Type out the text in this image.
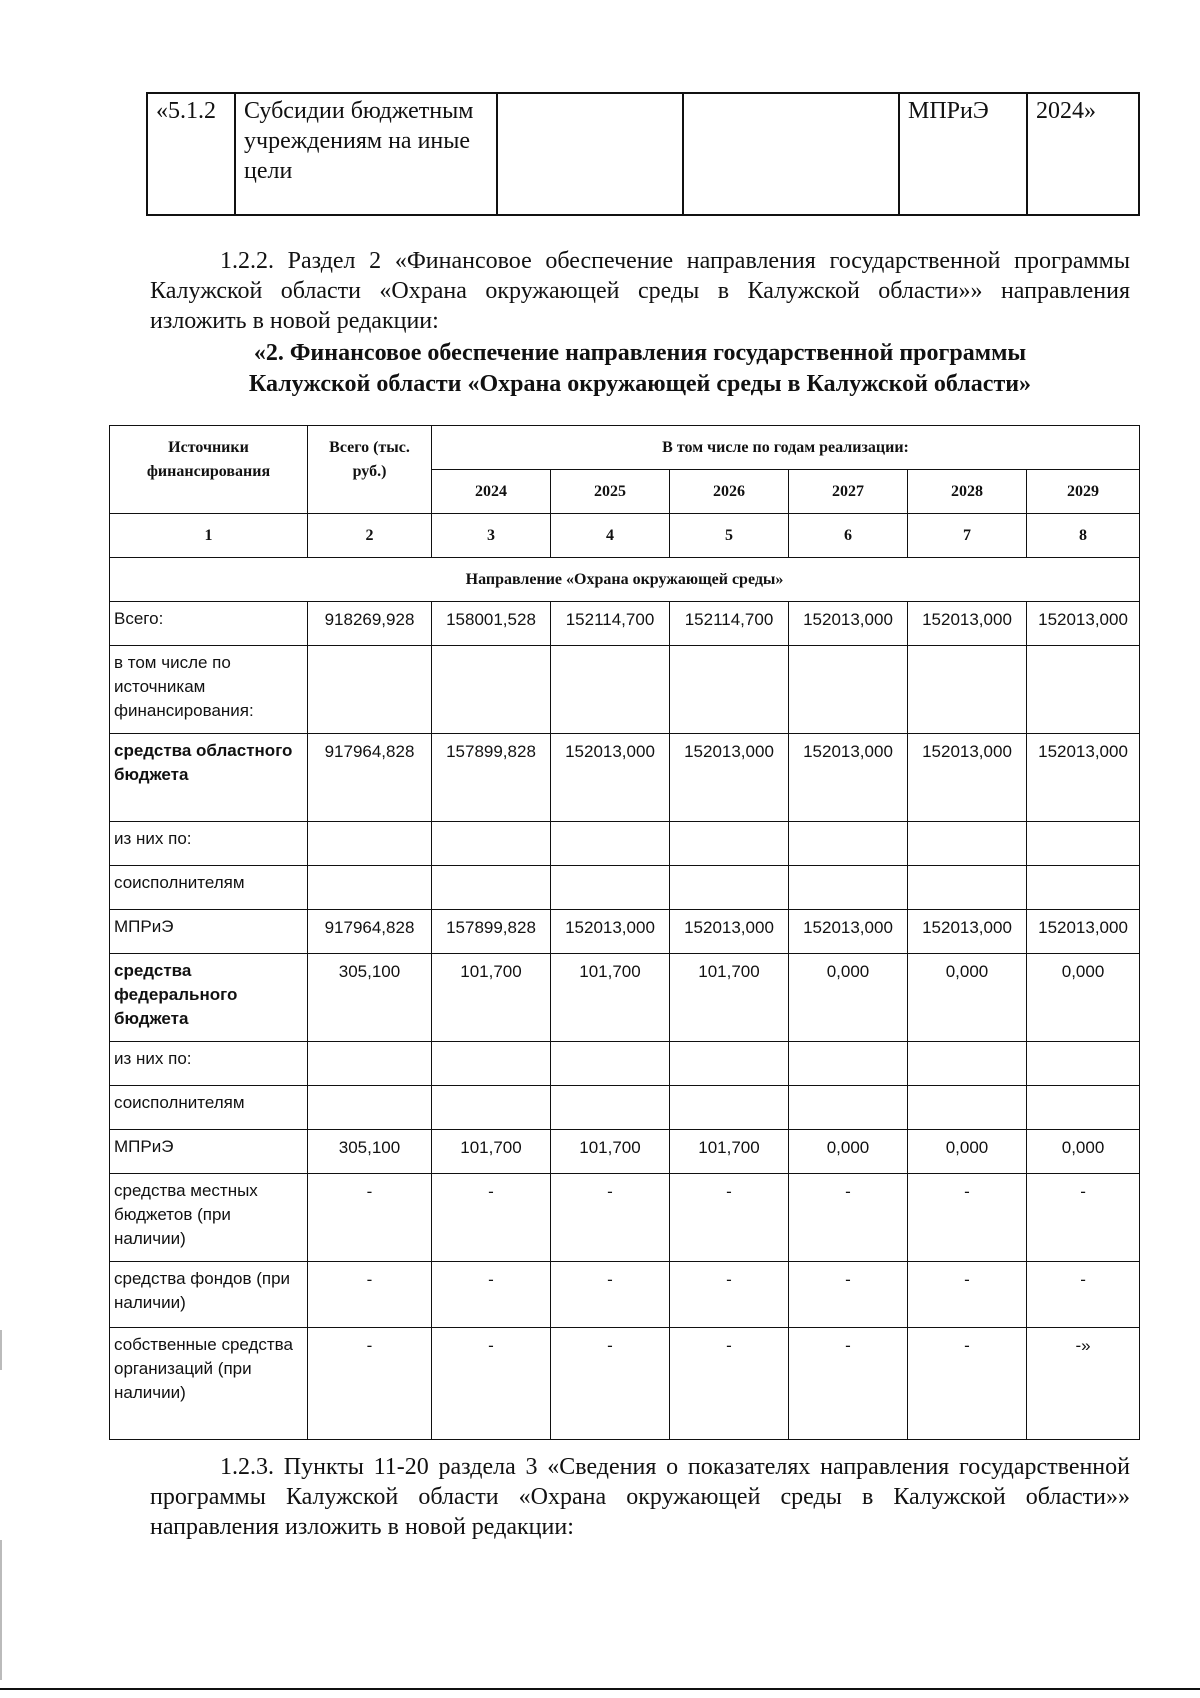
«5.1.2	Субсидии бюджетным учреждениям на иные цели			МПРиЭ	2024»
1.2.2. Раздел 2 «Финансовое обеспечение направления государственной программы Калужской области «Охрана окружающей среды в Калужской области»» направления изложить в новой редакции:
«2. Финансовое обеспечение направления государственной программы
Калужской области «Охрана окружающей среды в Калужской области»
Источники финансирования	Всего (тыс. руб.)	В том числе по годам реализации:					
		2024	2025	2026	2027	2028	2029
1	2	3	4	5	6	7	8
Направление «Охрана окружающей среды»							
Всего:	918269,928	158001,528	152114,700	152114,700	152013,000	152013,000	152013,000
в том числе по источникам финансирования:							
средства областного бюджета	917964,828	157899,828	152013,000	152013,000	152013,000	152013,000	152013,000
из них по:							
соисполнителям							
МПРиЭ	917964,828	157899,828	152013,000	152013,000	152013,000	152013,000	152013,000
средства федерального бюджета	305,100	101,700	101,700	101,700	0,000	0,000	0,000
из них по:							
соисполнителям							
МПРиЭ	305,100	101,700	101,700	101,700	0,000	0,000	0,000
средства местных бюджетов (при наличии)	-	-	-	-	-	-	-
средства фондов (при наличии)	-	-	-	-	-	-	-
собственные средства организаций (при наличии)	-	-	-	-	-	-	-»
1.2.3. Пункты 11-20 раздела 3 «Сведения о показателях направления государственной программы Калужской области «Охрана окружающей среды в Калужской области»» направления изложить в новой редакции:
